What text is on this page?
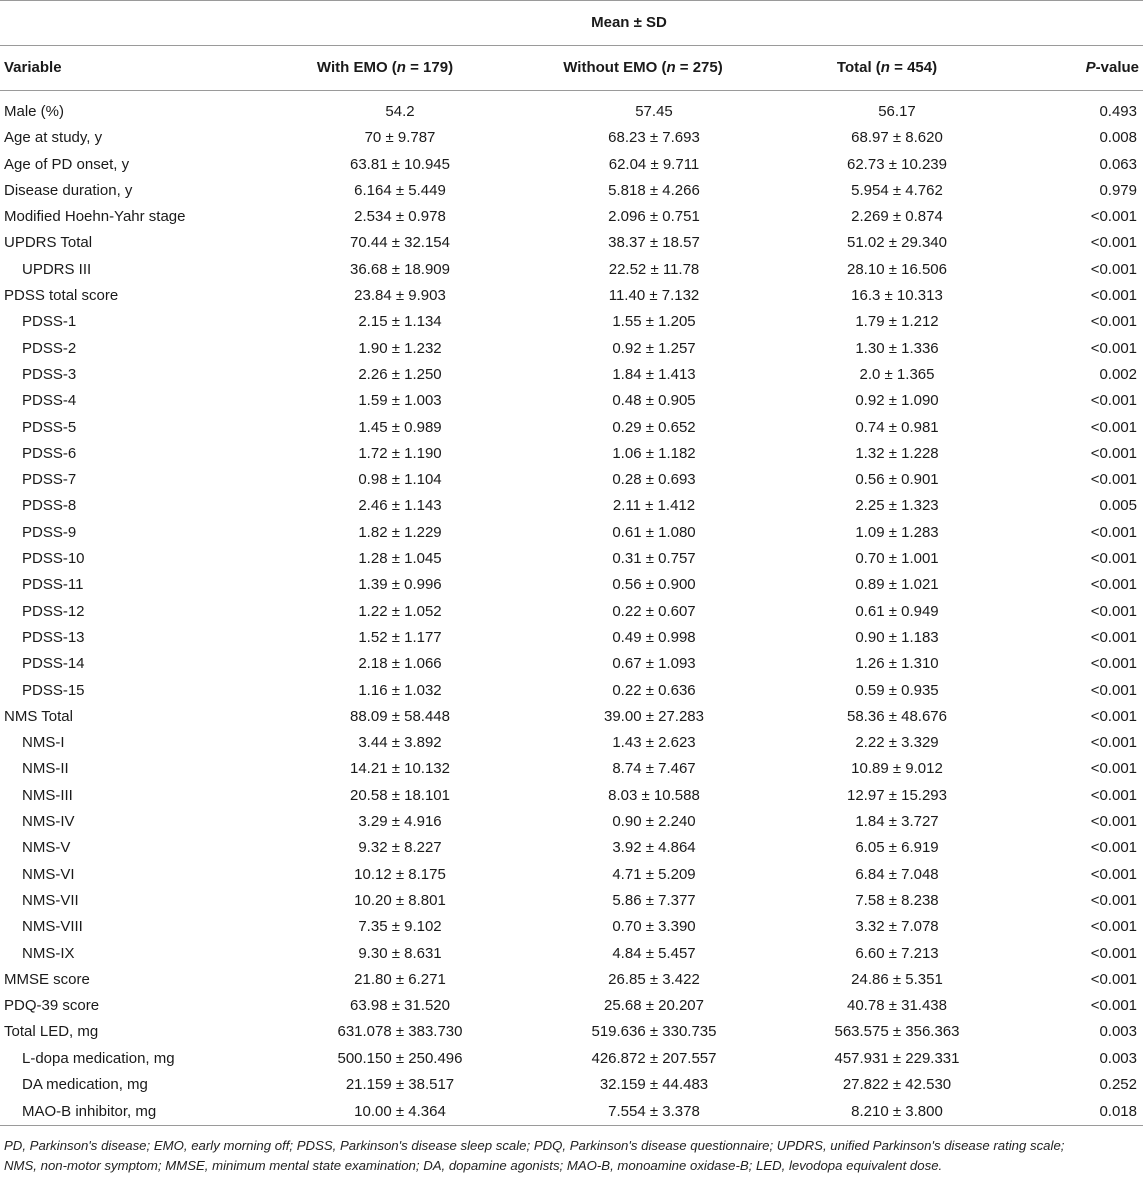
	Mean ± SD			
Variable	With EMO (n = 179)	Without EMO (n = 275)	Total (n = 454)	P-value

Male (%)	54.2	57.45	56.17	0.493
Age at study, y	70 ± 9.787	68.23 ± 7.693	68.97 ± 8.620	0.008
Age of PD onset, y	63.81 ± 10.945	62.04 ± 9.711	62.73 ± 10.239	0.063
Disease duration, y	6.164 ± 5.449	5.818 ± 4.266	5.954 ± 4.762	0.979
Modified Hoehn-Yahr stage	2.534 ± 0.978	2.096 ± 0.751	2.269 ± 0.874	<0.001
UPDRS Total	70.44 ± 32.154	38.37 ± 18.57	51.02 ± 29.340	<0.001
UPDRS III	36.68 ± 18.909	22.52 ± 11.78	28.10 ± 16.506	<0.001
PDSS total score	23.84 ± 9.903	11.40 ± 7.132	16.3 ± 10.313	<0.001
PDSS-1	2.15 ± 1.134	1.55 ± 1.205	1.79 ± 1.212	<0.001
PDSS-2	1.90 ± 1.232	0.92 ± 1.257	1.30 ± 1.336	<0.001
PDSS-3	2.26 ± 1.250	1.84 ± 1.413	2.0 ± 1.365	0.002
PDSS-4	1.59 ± 1.003	0.48 ± 0.905	0.92 ± 1.090	<0.001
PDSS-5	1.45 ± 0.989	0.29 ± 0.652	0.74 ± 0.981	<0.001
PDSS-6	1.72 ± 1.190	1.06 ± 1.182	1.32 ± 1.228	<0.001
PDSS-7	0.98 ± 1.104	0.28 ± 0.693	0.56 ± 0.901	<0.001
PDSS-8	2.46 ± 1.143	2.11 ± 1.412	2.25 ± 1.323	0.005
PDSS-9	1.82 ± 1.229	0.61 ± 1.080	1.09 ± 1.283	<0.001
PDSS-10	1.28 ± 1.045	0.31 ± 0.757	0.70 ± 1.001	<0.001
PDSS-11	1.39 ± 0.996	0.56 ± 0.900	0.89 ± 1.021	<0.001
PDSS-12	1.22 ± 1.052	0.22 ± 0.607	0.61 ± 0.949	<0.001
PDSS-13	1.52 ± 1.177	0.49 ± 0.998	0.90 ± 1.183	<0.001
PDSS-14	2.18 ± 1.066	0.67 ± 1.093	1.26 ± 1.310	<0.001
PDSS-15	1.16 ± 1.032	0.22 ± 0.636	0.59 ± 0.935	<0.001
NMS Total	88.09 ± 58.448	39.00 ± 27.283	58.36 ± 48.676	<0.001
NMS-I	3.44 ± 3.892	1.43 ± 2.623	2.22 ± 3.329	<0.001
NMS-II	14.21 ± 10.132	8.74 ± 7.467	10.89 ± 9.012	<0.001
NMS-III	20.58 ± 18.101	8.03 ± 10.588	12.97 ± 15.293	<0.001
NMS-IV	3.29 ± 4.916	0.90 ± 2.240	1.84 ± 3.727	<0.001
NMS-V	9.32 ± 8.227	3.92 ± 4.864	6.05 ± 6.919	<0.001
NMS-VI	10.12 ± 8.175	4.71 ± 5.209	6.84 ± 7.048	<0.001
NMS-VII	10.20 ± 8.801	5.86 ± 7.377	7.58 ± 8.238	<0.001
NMS-VIII	7.35 ± 9.102	0.70 ± 3.390	3.32 ± 7.078	<0.001
NMS-IX	9.30 ± 8.631	4.84 ± 5.457	6.60 ± 7.213	<0.001
MMSE score	21.80 ± 6.271	26.85 ± 3.422	24.86 ± 5.351	<0.001
PDQ-39 score	63.98 ± 31.520	25.68 ± 20.207	40.78 ± 31.438	<0.001
Total LED, mg	631.078 ± 383.730	519.636 ± 330.735	563.575 ± 356.363	0.003
L-dopa medication, mg	500.150 ± 250.496	426.872 ± 207.557	457.931 ± 229.331	0.003
DA medication, mg	21.159 ± 38.517	32.159 ± 44.483	27.822 ± 42.530	0.252
MAO-B inhibitor, mg	10.00 ± 4.364	7.554 ± 3.378	8.210 ± 3.800	0.018
PD, Parkinson's disease; EMO, early morning off; PDSS, Parkinson's disease sleep scale; PDQ, Parkinson's disease questionnaire; UPDRS, unified Parkinson's disease rating scale;
NMS, non-motor symptom; MMSE, minimum mental state examination; DA, dopamine agonists; MAO-B, monoamine oxidase-B; LED, levodopa equivalent dose.
